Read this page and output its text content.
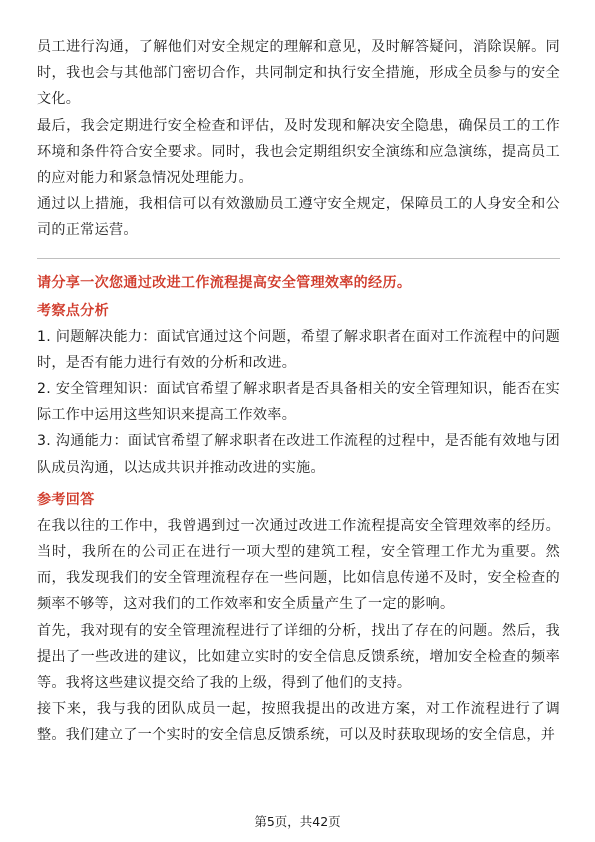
员工进行沟通，了解他们对安全规定的理解和意见，及时解答疑问，消除误解。同时，我也会与其他部门密切合作，共同制定和执行安全措施，形成全员参与的安全文化。

最后，我会定期进行安全检查和评估，及时发现和解决安全隐患，确保员工的工作环境和条件符合安全要求。同时，我也会定期组织安全演练和应急演练，提高员工的应对能力和紧急情况处理能力。

通过以上措施，我相信可以有效激励员工遵守安全规定，保障员工的人身安全和公司的正常运营。

请分享一次您通过改进工作流程提高安全管理效率的经历。

考察点分析

1. 问题解决能力：面试官通过这个问题，希望了解求职者在面对工作流程中的问题时，是否有能力进行有效的分析和改进。

2. 安全管理知识：面试官希望了解求职者是否具备相关的安全管理知识，能否在实际工作中运用这些知识来提高工作效率。

3. 沟通能力：面试官希望了解求职者在改进工作流程的过程中，是否能有效地与团队成员沟通，以达成共识并推动改进的实施。

参考回答

在我以往的工作中，我曾遇到过一次通过改进工作流程提高安全管理效率的经历。当时，我所在的公司正在进行一项大型的建筑工程，安全管理工作尤为重要。然而，我发现我们的安全管理流程存在一些问题，比如信息传递不及时，安全检查的频率不够等，这对我们的工作效率和安全质量产生了一定的影响。

首先，我对现有的安全管理流程进行了详细的分析，找出了存在的问题。然后，我提出了一些改进的建议，比如建立实时的安全信息反馈系统，增加安全检查的频率等。我将这些建议提交给了我的上级，得到了他们的支持。

接下来，我与我的团队成员一起，按照我提出的改进方案，对工作流程进行了调整。我们建立了一个实时的安全信息反馈系统，可以及时获取现场的安全信息，并

第5页，共42页
